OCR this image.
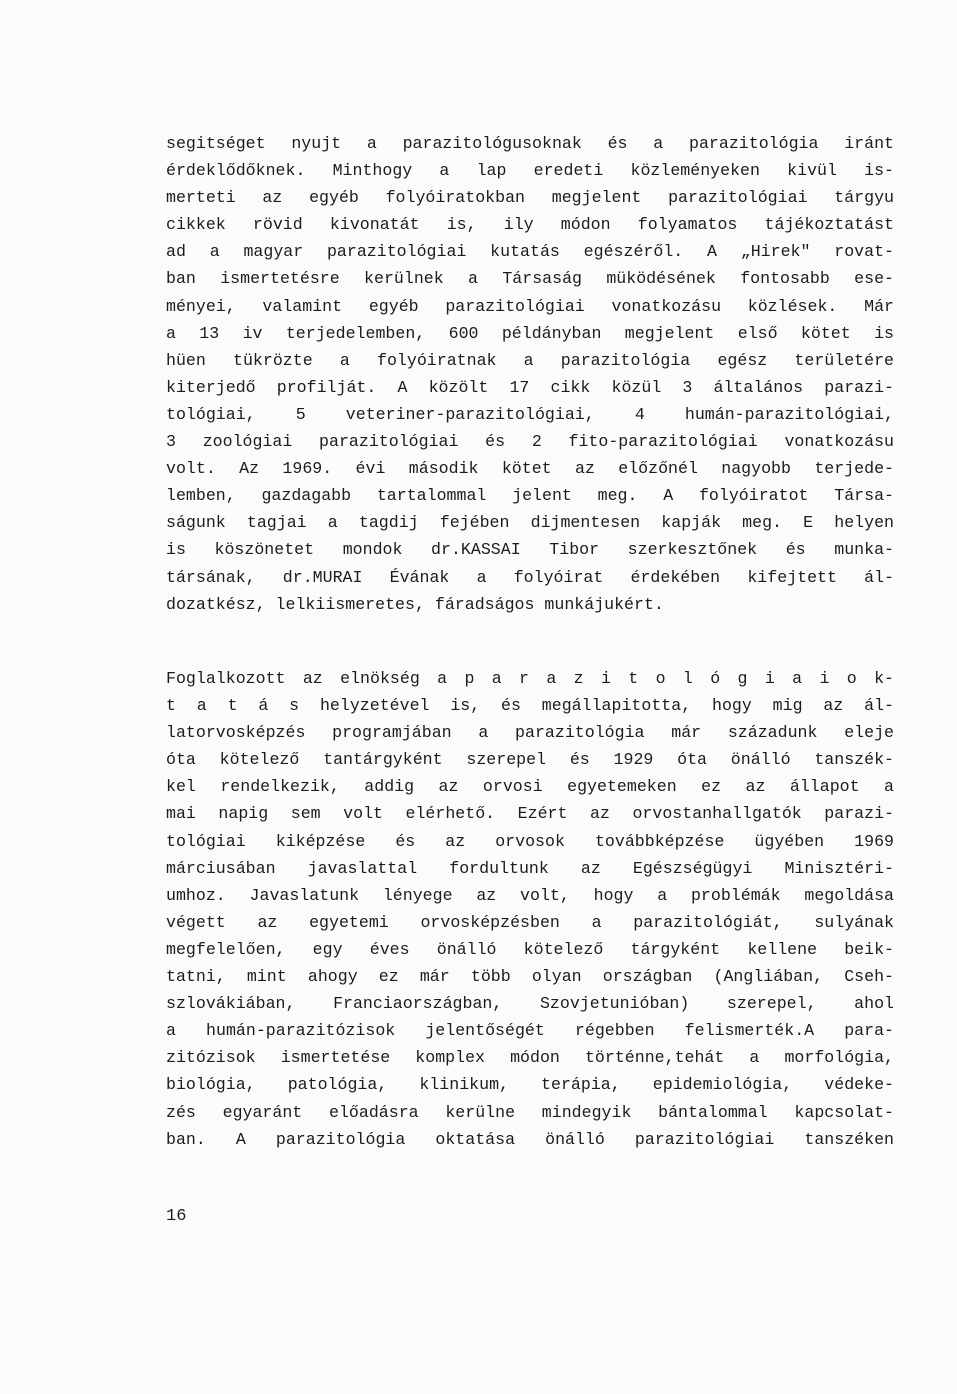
segitséget nyujt a parazitológusoknak és a parazitológia iránt
érdeklődőknek. Minthogy a lap eredeti közleményeken kivül is-
merteti az egyéb folyóiratokban megjelent parazitológiai tárgyu
cikkek rövid kivonatát is, ily módon folyamatos tájékoztatást
ad a magyar parazitológiai kutatás egészéről. A „Hirek" rovat-
ban ismertetésre kerülnek a Társaság müködésének fontosabb ese-
ményei, valamint egyéb parazitológiai vonatkozásu közlések. Már
a 13 iv terjedelemben, 600 példányban megjelent első kötet is
hüen tükrözte a folyóiratnak a parazitológia egész területére
kiterjedő profilját. A közölt 17 cikk közül 3 általános parazi-
tológiai, 5 veteriner-parazitológiai, 4 humán-parazitológiai,
3 zoológiai parazitológiai és 2 fito-parazitológiai vonatkozásu
volt. Az 1969. évi második kötet az előzőnél nagyobb terjede-
lemben, gazdagabb tartalommal jelent meg. A folyóiratot Társa-
ságunk tagjai a tagdij fejében dijmentesen kapják meg. E helyen
is köszönetet mondok dr.KASSAI Tibor szerkesztőnek és munka-
társának, dr.MURAI Évának a folyóirat érdekében kifejtett ál-
dozatkész, lelkiismeretes, fáradságos munkájukért.
Foglalkozott az elnökség a p a r a z i t o l ó g i a i o k-
t a t á s helyzetével is, és megállapitotta, hogy mig az ál-
latorvosképzés programjában a parazitológia már századunk eleje
óta kötelező tantárgyként szerepel és 1929 óta önálló tanszék-
kel rendelkezik, addig az orvosi egyetemeken ez az állapot a
mai napig sem volt elérhető. Ezért az orvostanhallgatók parazi-
tológiai kiképzése és az orvosok továbbképzése ügyében 1969
márciusában javaslattal fordultunk az Egészségügyi Minisztéri-
umhoz. Javaslatunk lényege az volt, hogy a problémák megoldása
végett az egyetemi orvosképzésben a parazitológiát, sulyának
megfelelően, egy éves önálló kötelező tárgyként kellene beik-
tatni, mint ahogy ez már több olyan országban (Angliában, Cseh-
szlovákiában, Franciaországban, Szovjetunióban) szerepel, ahol
a humán-parazitózisok jelentőségét régebben felismerték.A para-
zitózisok ismertetése komplex módon történne,tehát a morfológia,
biológia, patológia, klinikum, terápia, epidemiológia, védeke-
zés egyaránt előadásra kerülne mindegyik bántalommal kapcsolat-
ban. A parazitológia oktatása önálló parazitológiai tanszéken
16
